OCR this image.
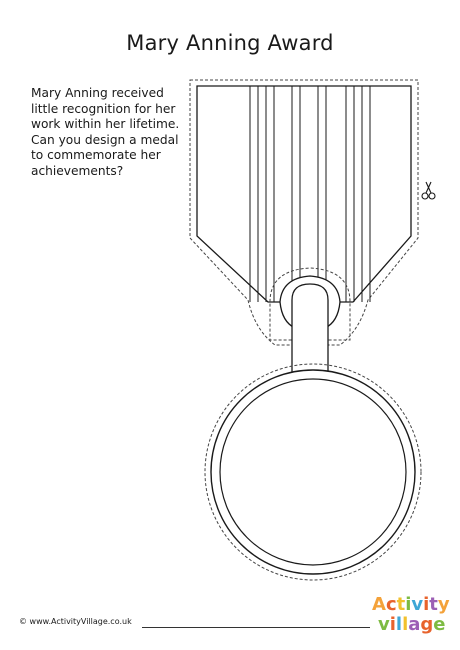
Mary Anning Award

Mary Anning received little recognition for her work within her lifetime. Can you design a medal to commemorate her achievements?

© www.ActivityVillage.co.uk
Activity
village
